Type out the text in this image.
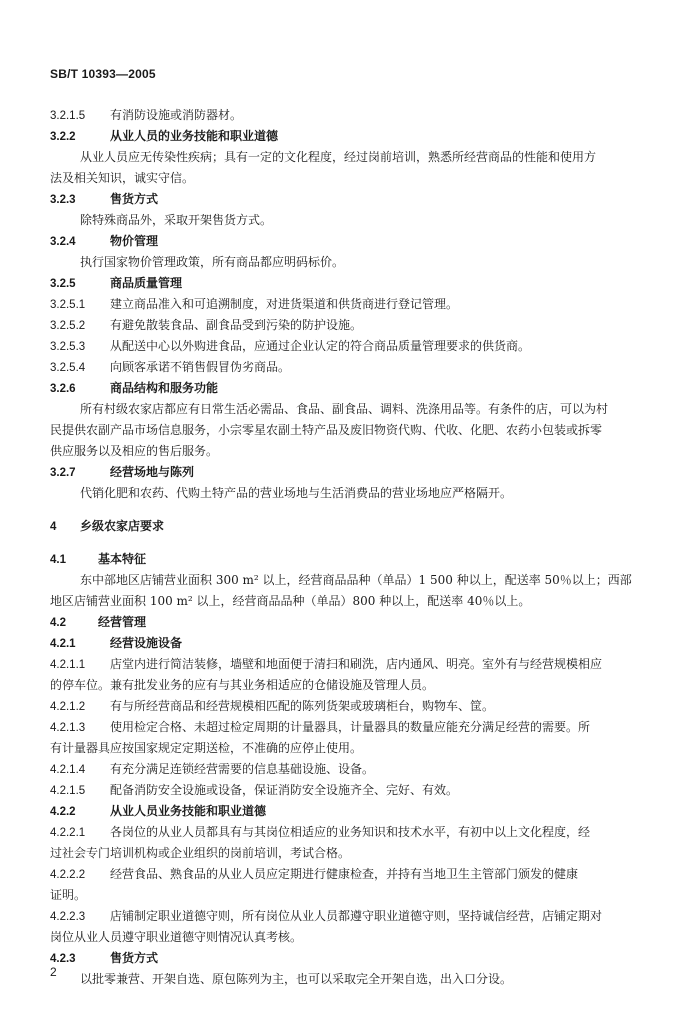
SB/T 10393—2005
3.2.1.5 有消防设施或消防器材。
3.2.2	从业人员的业务技能和职业道德
从业人员应无传染性疾病；具有一定的文化程度，经过岗前培训，熟悉所经营商品的性能和使用方
法及相关知识，诚实守信。
3.2.3	售货方式
除特殊商品外，采取开架售货方式。
3.2.4	物价管理
执行国家物价管理政策，所有商品都应明码标价。
3.2.5	商品质量管理
3.2.5.1 建立商品准入和可追溯制度，对进货渠道和供货商进行登记管理。
3.2.5.2 有避免散装食品、副食品受到污染的防护设施。
3.2.5.3 从配送中心以外购进食品，应通过企业认定的符合商品质量管理要求的供货商。
3.2.5.4 向顾客承诺不销售假冒伪劣商品。
3.2.6	商品结构和服务功能
所有村级农家店都应有日常生活必需品、食品、副食品、调料、洗涤用品等。有条件的店，可以为村
民提供农副产品市场信息服务，小宗零星农副土特产品及废旧物资代购、代收、化肥、农药小包装或拆零
供应服务以及相应的售后服务。
3.2.7	经营场地与陈列
代销化肥和农药、代购土特产品的营业场地与生活消费品的营业场地应严格隔开。
4 乡级农家店要求
4.1	基本特征
东中部地区店铺营业面积 300 m² 以上，经营商品品种（单品）1 500 种以上，配送率 50％以上；西部
地区店铺营业面积 100 m² 以上，经营商品品种（单品）800 种以上，配送率 40％以上。
4.2	经营管理
4.2.1	经营设施设备
4.2.1.1 店堂内进行简洁装修，墙壁和地面便于清扫和刷洗，店内通风、明亮。室外有与经营规模相应
的停车位。兼有批发业务的应有与其业务相适应的仓储设施及管理人员。
4.2.1.2 有与所经营商品和经营规模相匹配的陈列货架或玻璃柜台，购物车、筐。
4.2.1.3 使用检定合格、未超过检定周期的计量器具，计量器具的数量应能充分满足经营的需要。所
有计量器具应按国家规定定期送检，不准确的应停止使用。
4.2.1.4 有充分满足连锁经营需要的信息基础设施、设备。
4.2.1.5 配备消防安全设施或设备，保证消防安全设施齐全、完好、有效。
4.2.2	从业人员业务技能和职业道德
4.2.2.1 各岗位的从业人员都具有与其岗位相适应的业务知识和技术水平，有初中以上文化程度，经
过社会专门培训机构或企业组织的岗前培训，考试合格。
4.2.2.2 经营食品、熟食品的从业人员应定期进行健康检查，并持有当地卫生主管部门颁发的健康
证明。
4.2.2.3 店铺制定职业道德守则，所有岗位从业人员都遵守职业道德守则，坚持诚信经营，店铺定期对
岗位从业人员遵守职业道德守则情况认真考核。
4.2.3	售货方式
以批零兼营、开架自选、原包陈列为主，也可以采取完全开架自选，出入口分设。
2
